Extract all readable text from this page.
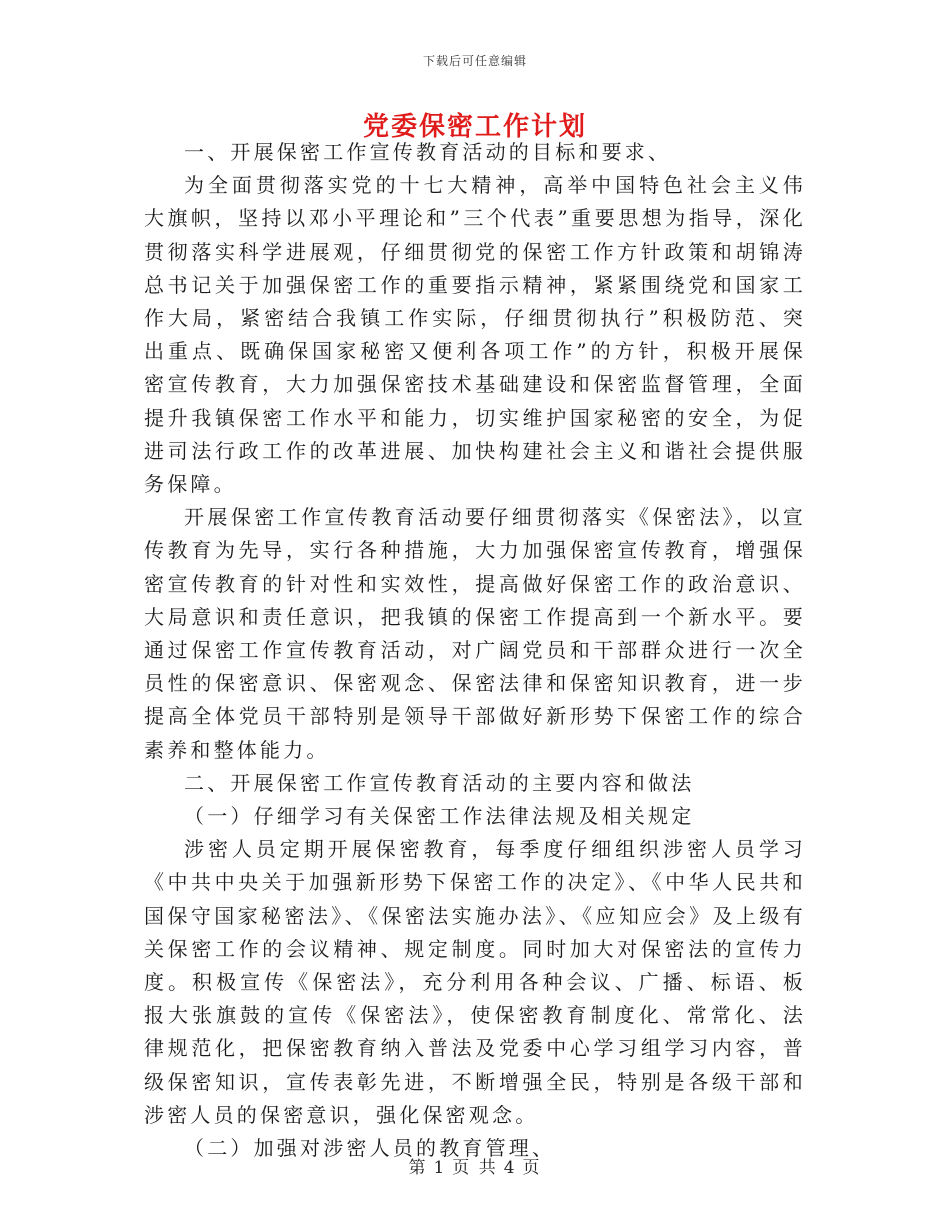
下载后可任意编辑
党委保密工作计划

一、开展保密工作宣传教育活动的目标和要求、

为全面贯彻落实党的十七大精神，高举中国特色社会主义伟大旗帜，坚持以邓小平理论和”三个代表”重要思想为指导，深化贯彻落实科学进展观，仔细贯彻党的保密工作方针政策和胡锦涛总书记关于加强保密工作的重要指示精神，紧紧围绕党和国家工作大局，紧密结合我镇工作实际，仔细贯彻执行”积极防范、突出重点、既确保国家秘密又便利各项工作”的方针，积极开展保密宣传教育，大力加强保密技术基础建设和保密监督管理，全面提升我镇保密工作水平和能力，切实维护国家秘密的安全，为促进司法行政工作的改革进展、加快构建社会主义和谐社会提供服务保障。

开展保密工作宣传教育活动要仔细贯彻落实《保密法》，以宣传教育为先导，实行各种措施，大力加强保密宣传教育，增强保密宣传教育的针对性和实效性，提高做好保密工作的政治意识、大局意识和责任意识，把我镇的保密工作提高到一个新水平。要通过保密工作宣传教育活动，对广阔党员和干部群众进行一次全员性的保密意识、保密观念、保密法律和保密知识教育，进一步提高全体党员干部特别是领导干部做好新形势下保密工作的综合素养和整体能力。

二、开展保密工作宣传教育活动的主要内容和做法

（一）仔细学习有关保密工作法律法规及相关规定

涉密人员定期开展保密教育，每季度仔细组织涉密人员学习《中共中央关于加强新形势下保密工作的决定》、《中华人民共和国保守国家秘密法》、《保密法实施办法》、《应知应会》及上级有关保密工作的会议精神、规定制度。同时加大对保密法的宣传力度。积极宣传《保密法》，充分利用各种会议、广播、标语、板报大张旗鼓的宣传《保密法》，使保密教育制度化、常常化、法律规范化，把保密教育纳入普法及党委中心学习组学习内容，普级保密知识，宣传表彰先进，不断增强全民，特别是各级干部和涉密人员的保密意识，强化保密观念。

（二）加强对涉密人员的教育管理、

第 1 页 共 4 页
